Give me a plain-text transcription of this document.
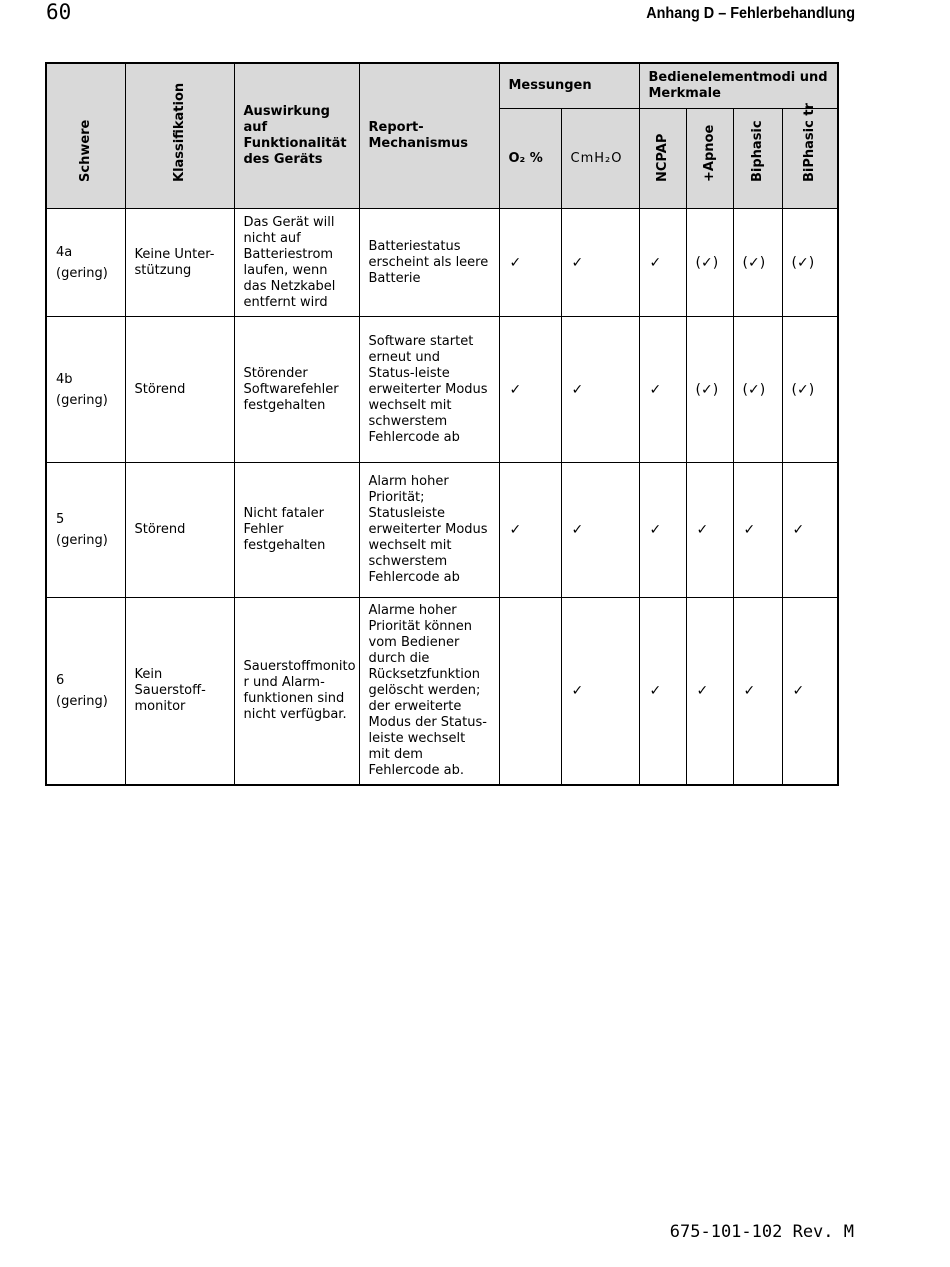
60	Anhang D – Fehlerbehandlung
Schwere	Klassifikation	Auswirkung auf Funktionalität des Geräts	Report-Mechanismus	Messungen		Bedienelementmodi und Merkmale			
				O₂ %	CmH₂O	NCPAP	+Apnoe	Biphasic	BiPhasic tr

4a
(gering)	Keine Unter-stützung	Das Gerät will nicht auf Batteriestrom laufen, wenn das Netzkabel entfernt wird	Batteriestatus erscheint als leere Batterie	✓	✓	✓	(✓)	(✓)	(✓)

4b
(gering)	Störend	Störender Softwarefehler festgehalten	Software startet erneut und Status-leiste erweiterter Modus wechselt mit schwerstem Fehlercode ab	✓	✓	✓	(✓)	(✓)	(✓)

5
(gering)	Störend	Nicht fataler Fehler festgehalten	Alarm hoher Priorität; Statusleiste erweiterter Modus wechselt mit schwerstem Fehlercode ab	✓	✓	✓	✓	✓	✓

6
(gering)	Kein Sauerstoff-monitor	Sauerstoffmonito r und Alarm-funktionen sind nicht verfügbar.	Alarme hoher Priorität können vom Bediener durch die Rücksetzfunktion gelöscht werden; der erweiterte Modus der Status-leiste wechselt mit dem Fehlercode ab.		✓	✓	✓	✓	✓
675-101-102 Rev. M
